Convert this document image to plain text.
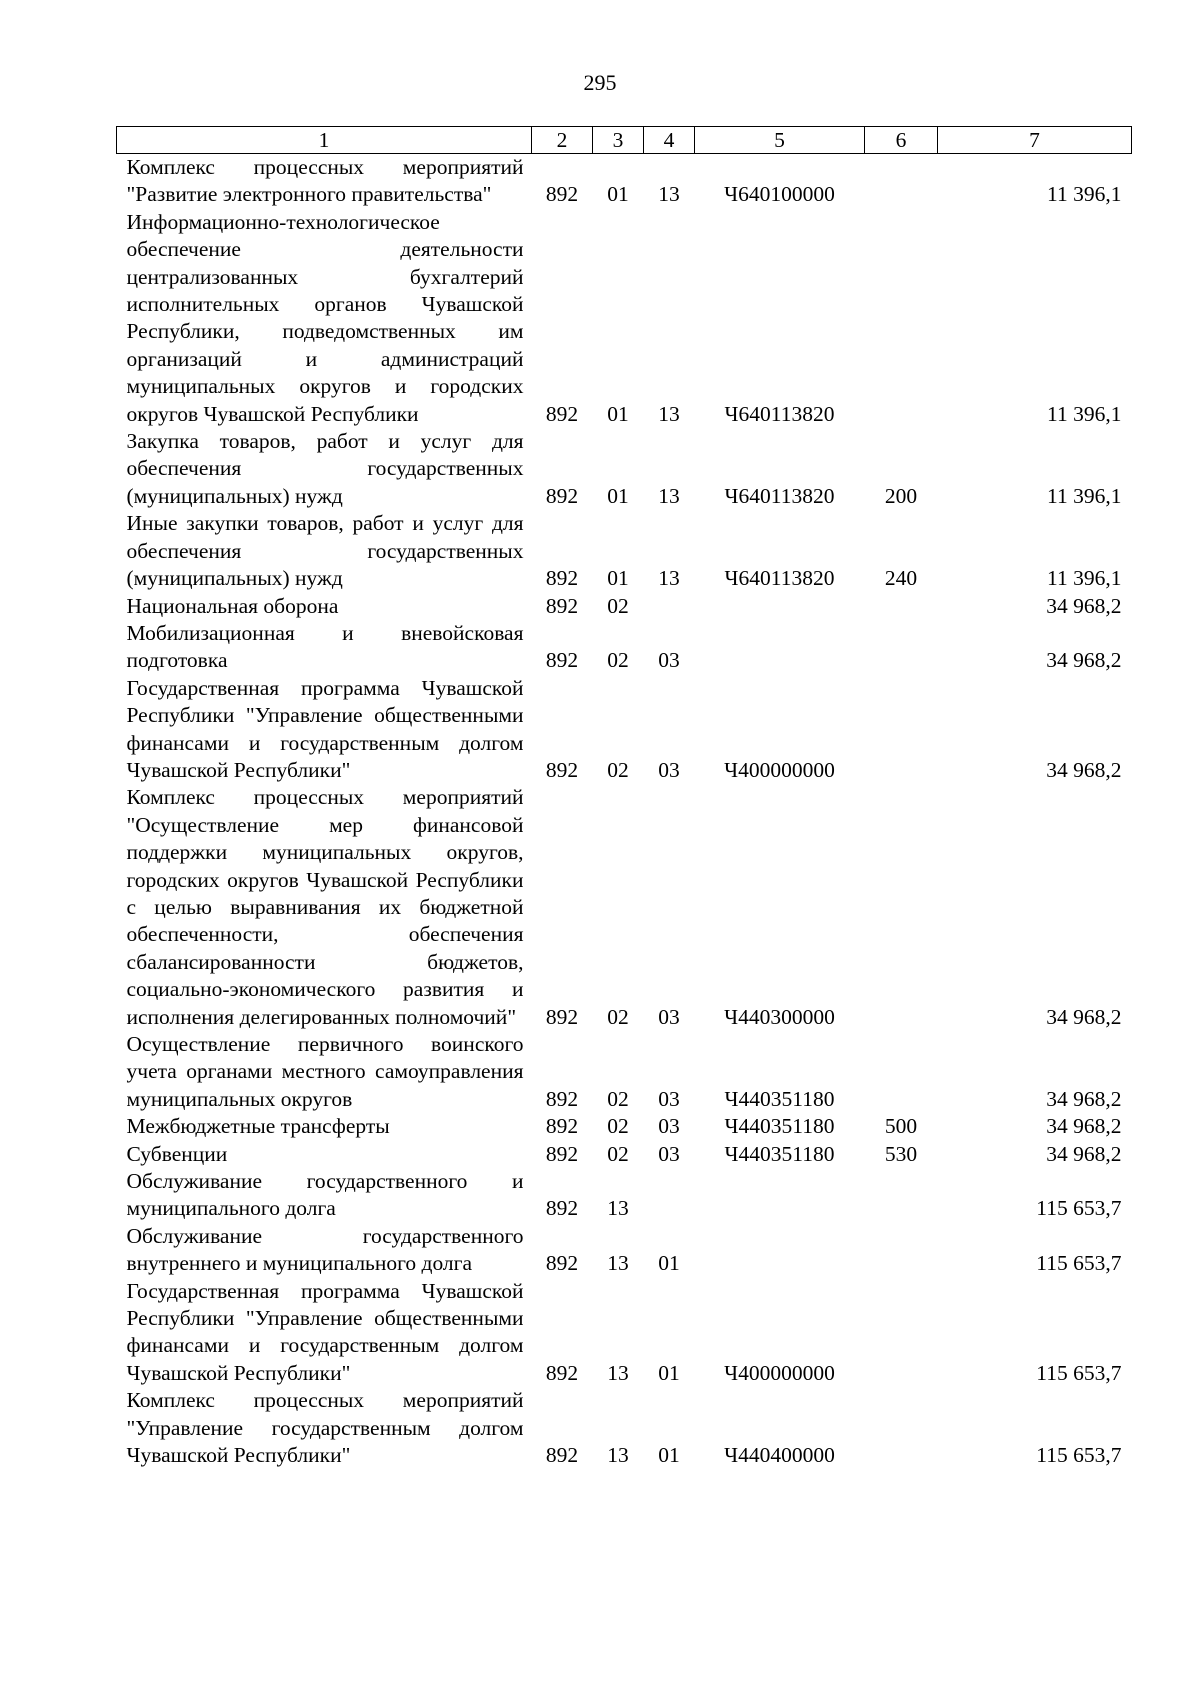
295
1	2	3	4	5	6	7
Комплекс процессных мероприятий "Развитие электронного правительства"	892	01	13	Ч640100000		11 396,1
Информационно-технологическое обеспечение деятельности централизованных бухгалтерий исполнительных органов Чувашской Республики, подведомственных им организаций и администраций муниципальных округов и городских округов Чувашской Республики	892	01	13	Ч640113820		11 396,1
Закупка товаров, работ и услуг для обеспечения государственных (муниципальных) нужд	892	01	13	Ч640113820	200	11 396,1
Иные закупки товаров, работ и услуг для обеспечения государственных (муниципальных) нужд	892	01	13	Ч640113820	240	11 396,1
Национальная оборона	892	02				34 968,2
Мобилизационная и вневойсковая подготовка	892	02	03			34 968,2
Государственная программа Чувашской Республики "Управление общественными финансами и государственным долгом Чувашской Республики"	892	02	03	Ч400000000		34 968,2
Комплекс процессных мероприятий "Осуществление мер финансовой поддержки муниципальных округов, городских округов Чувашской Республики с целью выравнивания их бюджетной обеспеченности, обеспечения сбалансированности бюджетов, социально-экономического развития и исполнения делегированных полномочий"	892	02	03	Ч440300000		34 968,2
Осуществление первичного воинского учета органами местного самоуправления муниципальных округов	892	02	03	Ч440351180		34 968,2
Межбюджетные трансферты	892	02	03	Ч440351180	500	34 968,2
Субвенции	892	02	03	Ч440351180	530	34 968,2
Обслуживание государственного и муниципального долга	892	13				115 653,7
Обслуживание государственного внутреннего и муниципального долга	892	13	01			115 653,7
Государственная программа Чувашской Республики "Управление общественными финансами и государственным долгом Чувашской Республики"	892	13	01	Ч400000000		115 653,7
Комплекс процессных мероприятий "Управление государственным долгом Чувашской Республики"	892	13	01	Ч440400000		115 653,7
